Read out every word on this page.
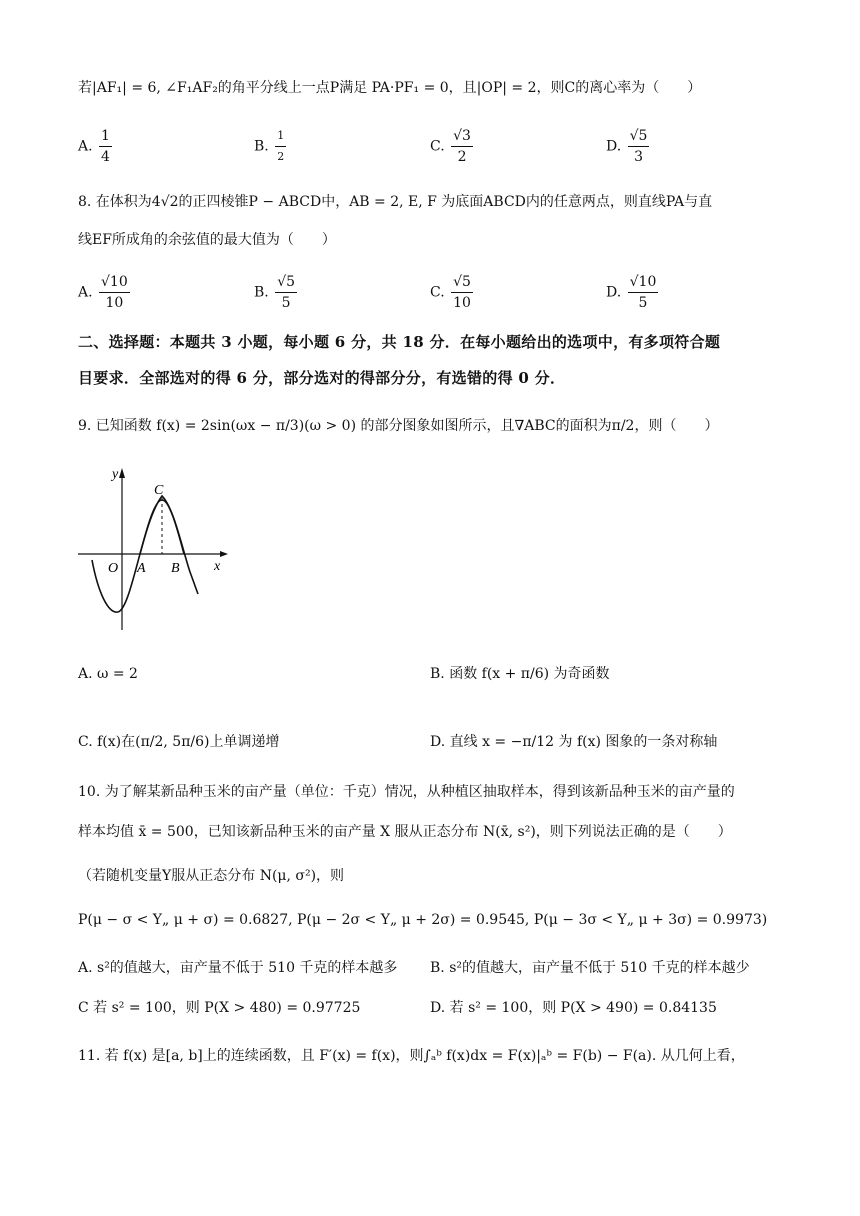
若|AF₁| = 6, ∠F₁AF₂的角平分线上一点P满足 PA·PF₁ = 0，且|OP| = 2，则C的离心率为（　　）
A. $\frac{1}{4}$	B. $\frac{1}{2}$	C. $\frac{√3}{2}$	D. $\frac{√5}{3}$
8. 在体积为4√2的正四棱锥P − ABCD中，AB = 2, E, F 为底面ABCD内的任意两点，则直线PA与直
线EF所成角的余弦值的最大值为（　　）
A. $\frac{√10}{10}$	B. $\frac{√5}{5}$	C. $\frac{√5}{10}$	D. $\frac{√10}{5}$
二、选择题：本题共 3 小题，每小题 6 分，共 18 分．在每小题给出的选项中，有多项符合题
目要求．全部选对的得 6 分，部分选对的得部分分，有选错的得 0 分．
9. 已知函数 f(x) = 2sin(ωx − π/3)(ω > 0) 的部分图象如图所示，且∇ABC的面积为π/2，则（　　）
y
x
O A B
C
A. ω = 2	B. 函数 f(x + π/6) 为奇函数
C. f(x)在(π/2, 5π/6)上单调递增	D. 直线 x = −π/12 为 f(x) 图象的一条对称轴
10. 为了解某新品种玉米的亩产量（单位：千克）情况，从种植区抽取样本，得到该新品种玉米的亩产量的
样本均值 x̄ = 500，已知该新品种玉米的亩产量 X 服从正态分布 N(x̄, s²)，则下列说法正确的是（　　）
（若随机变量Y服从正态分布 N(μ, σ²)，则
P(μ − σ < Y„ μ + σ) = 0.6827, P(μ − 2σ < Y„ μ + 2σ) = 0.9545, P(μ − 3σ < Y„ μ + 3σ) = 0.9973)
A. s²的值越大，亩产量不低于 510 千克的样本越多 B. s²的值越大，亩产量不低于 510 千克的样本越少
C 若 s² = 100，则 P(X > 480) = 0.97725	D. 若 s² = 100，则 P(X > 490) = 0.84135
11. 若 f(x) 是[a, b]上的连续函数，且 F′(x) = f(x)，则∫ₐᵇ f(x)dx = F(x)|ₐᵇ = F(b) − F(a). 从几何上看，
